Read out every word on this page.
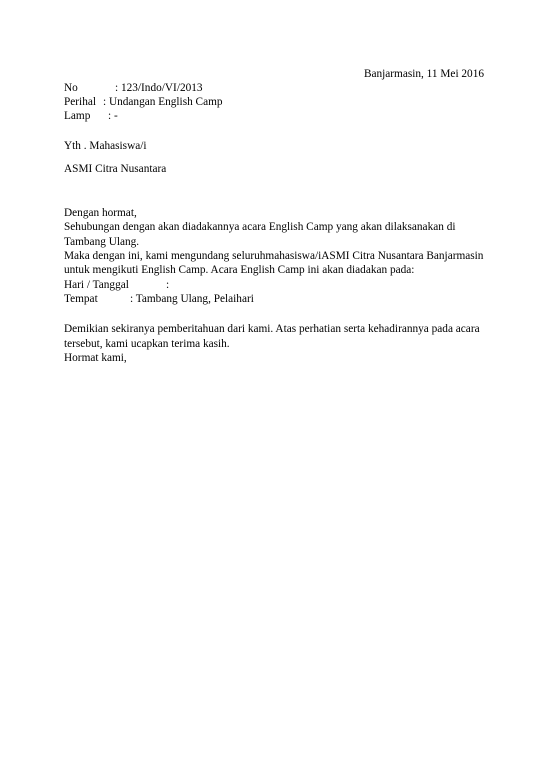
Banjarmasin, 11 Mei 2016
No	: 123/Indo/VI/2013
Perihal : Undangan English Camp
Lamp : -
Yth . Mahasiswa/i
ASMI Citra Nusantara
Dengan hormat,
Sehubungan dengan akan diadakannya acara English Camp yang akan dilaksanakan di
Tambang Ulang.
Maka dengan ini, kami mengundang seluruhmahasiswa/iASMI Citra Nusantara Banjarmasin
untuk mengikuti English Camp. Acara English Camp ini akan diadakan pada:
Hari / Tanggal	:
Tempat	: Tambang Ulang, Pelaihari
Demikian sekiranya pemberitahuan dari kami. Atas perhatian serta kehadirannya pada acara
tersebut, kami ucapkan terima kasih.
Hormat kami,
